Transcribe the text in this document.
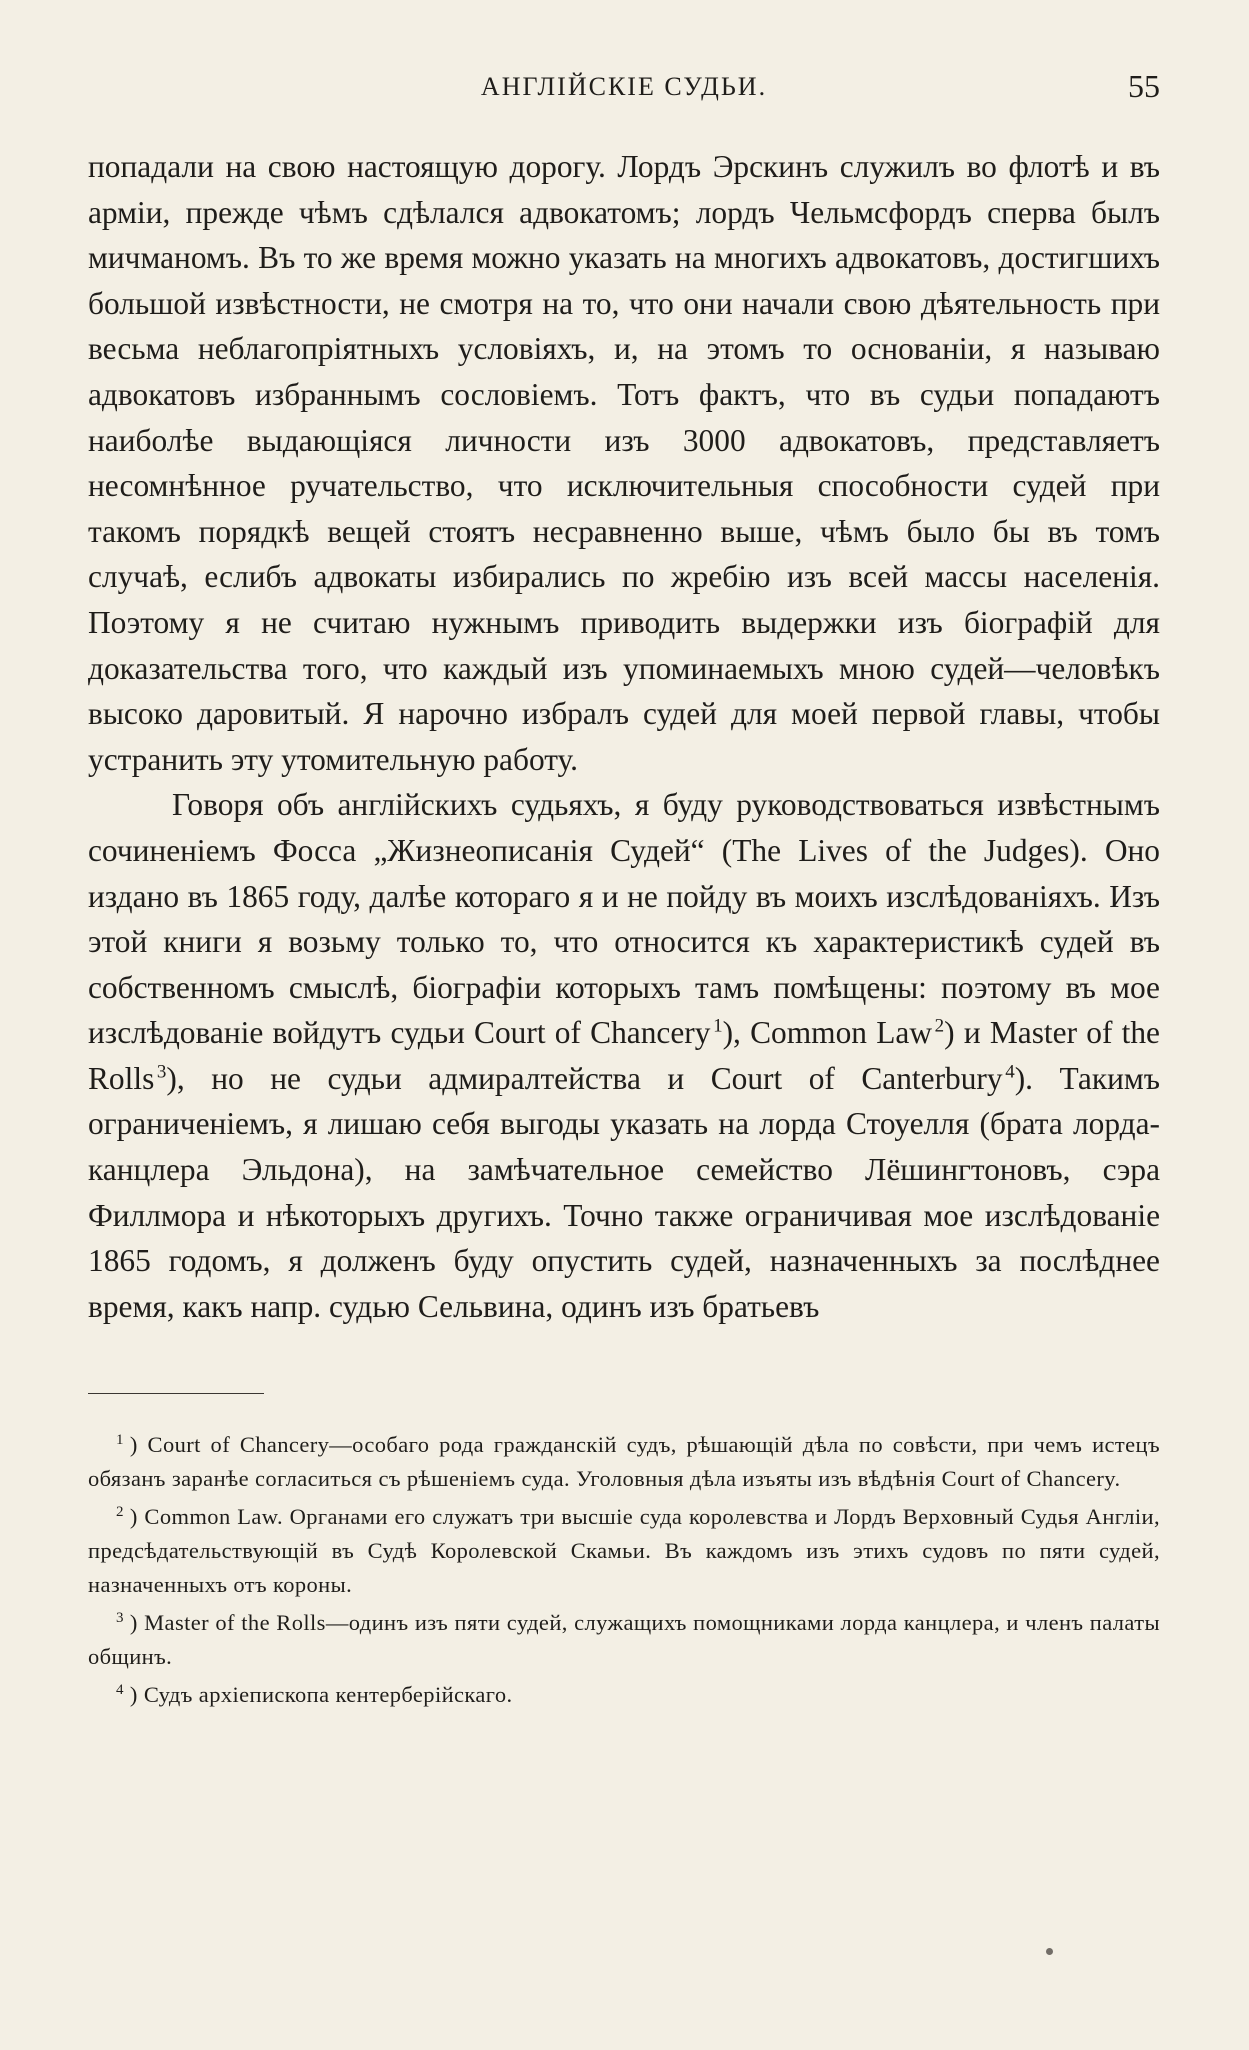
АНГЛІЙСКІЕ СУДЬИ.	55

попадали на свою настоящую дорогу. Лордъ Эрскинъ служилъ во флотѣ и въ арміи, прежде чѣмъ сдѣлался адвокатомъ; лордъ Чельмсфордъ сперва былъ мичманомъ. Въ то же время можно указать на многихъ адвокатовъ, достигшихъ большой извѣстности, не смотря на то, что они начали свою дѣятельность при весьма неблагопріятныхъ условіяхъ, и, на этомъ то основаніи, я называю адвокатовъ избраннымъ сословіемъ. Тотъ фактъ, что въ судьи попадаютъ наиболѣе выдающіяся личности изъ 3000 адвокатовъ, представляетъ несомнѣнное ручательство, что исключительныя способности судей при такомъ порядкѣ вещей стоятъ несравненно выше, чѣмъ было бы въ томъ случаѣ, еслибъ адвокаты избирались по жребію изъ всей массы населенія. Поэтому я не считаю нужнымъ приводить выдержки изъ біографій для доказательства того, что каждый изъ упоминаемыхъ мною судей—человѣкъ высоко даровитый. Я нарочно избралъ судей для моей первой главы, чтобы устранить эту утомительную работу.

Говоря объ англійскихъ судьяхъ, я буду руководствоваться извѣстнымъ сочиненіемъ Фосса „Жизнеописанія Судей“ (The Lives of the Judges). Оно издано въ 1865 году, далѣе котораго я и не пойду въ моихъ изслѣдованіяхъ. Изъ этой книги я возьму только то, что относится къ характеристикѣ судей въ собственномъ смыслѣ, біографіи которыхъ тамъ помѣщены: поэтому въ мое изслѣдованіе войдутъ судьи Court of Chancery  $^1$), Common Law  $^2$) и Master of the Rolls  $^3$), но не судьи адмиралтейства и Court of Canterbury  $^4$). Такимъ ограниченіемъ, я лишаю себя выгоды указать на лорда Стоуелля (брата лорда-канцлера Эльдона), на замѣчательное семейство Лёшингтоновъ, сэра Филлмора и нѣкоторыхъ другихъ. Точно также ограничивая мое изслѣдованіе 1865 годомъ, я долженъ буду опустить судей, назначенныхъ за послѣднее время, какъ напр. судью Сельвина, одинъ изъ братьевъ

$^1$ ) Court of Chancery—особаго рода гражданскій судъ, рѣшающій дѣла по совѣсти, при чемъ истецъ обязанъ заранѣе согласиться съ рѣшеніемъ суда. Уголовныя дѣла изъяты изъ вѣдѣнія Court of Chancery.

$^2$ ) Common Law. Органами его служатъ три высшіе суда королевства и Лордъ Верховный Судья Англіи, предсѣдательствующій въ Судѣ Королевской Скамьи. Въ каждомъ изъ этихъ судовъ по пяти судей, назначенныхъ отъ короны.

$^3$ ) Master of the Rolls—одинъ изъ пяти судей, служащихъ помощниками лорда канцлера, и членъ палаты общинъ.

$^4$ ) Судъ архіепископа кентерберійскаго.
